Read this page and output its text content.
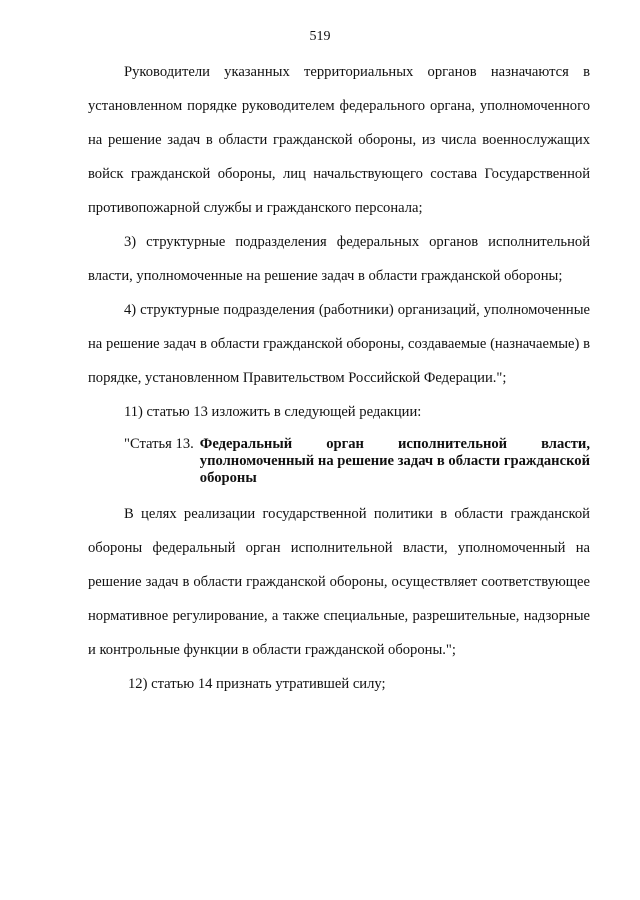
519

Руководители указанных территориальных органов назначаются в установленном порядке руководителем федерального органа, уполномоченного на решение задач в области гражданской обороны, из числа военнослужащих войск гражданской обороны, лиц начальствующего состава Государственной противопожарной службы и гражданского персонала;

3) структурные подразделения федеральных органов исполнительной власти, уполномоченные на решение задач в области гражданской обороны;

4) структурные подразделения (работники) организаций, уполномоченные на решение задач в области гражданской обороны, создаваемые (назначаемые) в порядке, установленном Правительством Российской Федерации.";

11) статью 13 изложить в следующей редакции:

"Статья 13. Федеральный орган исполнительной власти, уполномоченный на решение задач в области гражданской обороны

В целях реализации государственной политики в области гражданской обороны федеральный орган исполнительной власти, уполномоченный на решение задач в области гражданской обороны, осуществляет соответствующее нормативное регулирование, а также специальные, разрешительные, надзорные и контрольные функции в области гражданской обороны.";

12) статью 14 признать утратившей силу;
